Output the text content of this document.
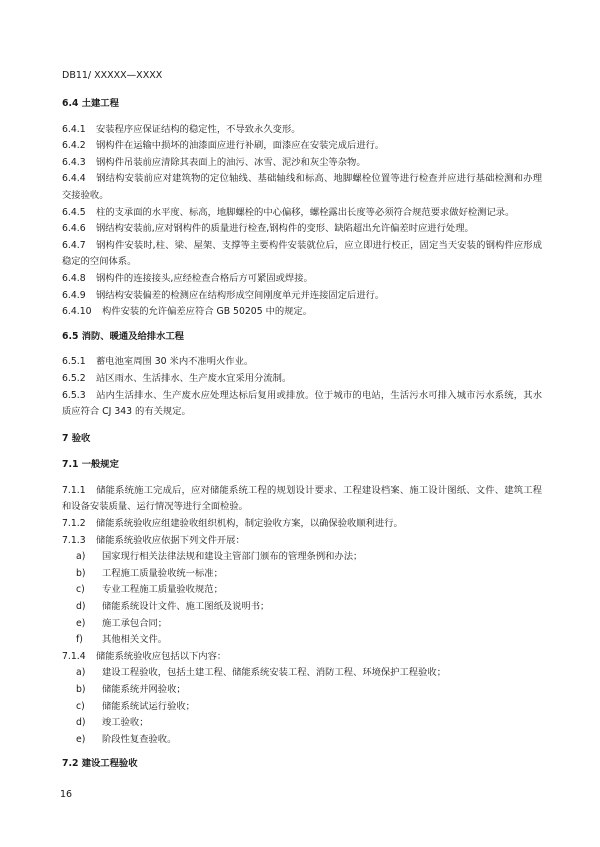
DB11/ XXXXX—XXXX

6.4 土建工程

6.4.1 安装程序应保证结构的稳定性，不导致永久变形。

6.4.2 钢构件在运输中损坏的油漆面应进行补刷，面漆应在安装完成后进行。

6.4.3 钢构件吊装前应清除其表面上的油污、冰雪、泥沙和灰尘等杂物。

6.4.4 钢结构安装前应对建筑物的定位轴线、基础轴线和标高、地脚螺栓位置等进行检查并应进行基础检测和办理交接验收。

6.4.5 柱的支承面的水平度、标高，地脚螺栓的中心偏移，螺栓露出长度等必须符合规范要求做好检测记录。

6.4.6 钢结构安装前,应对钢构件的质量进行检查,钢构件的变形、缺陷超出允许偏差时应进行处理。

6.4.7 钢构件安装时,柱、梁、屋架、支撑等主要构件安装就位后，应立即进行校正，固定当天安装的钢构件应形成稳定的空间体系。

6.4.8 钢构件的连接接头,应经检查合格后方可紧固或焊接。

6.4.9 钢结构安装偏差的检测应在结构形成空间刚度单元并连接固定后进行。

6.4.10 构件安装的允许偏差应符合 GB 50205 中的规定。

6.5 消防、暖通及给排水工程

6.5.1 蓄电池室周围 30 米内不准明火作业。

6.5.2 站区雨水、生活排水、生产废水宜采用分流制。

6.5.3 站内生活排水、生产废水应处理达标后复用或排放。位于城市的电站，生活污水可排入城市污水系统，其水质应符合 CJ 343 的有关规定。

7 验收

7.1 一般规定

7.1.1 储能系统施工完成后，应对储能系统工程的规划设计要求、工程建设档案、施工设计图纸、文件、建筑工程和设备安装质量、运行情况等进行全面检验。

7.1.2 储能系统验收应组建验收组织机构，制定验收方案，以确保验收顺利进行。

7.1.3 储能系统验收应依据下列文件开展：

a) 国家现行相关法律法规和建设主管部门颁布的管理条例和办法；

b) 工程施工质量验收统一标准；

c) 专业工程施工质量验收规范；

d) 储能系统设计文件、施工图纸及说明书；

e) 施工承包合同；

f) 其他相关文件。

7.1.4 储能系统验收应包括以下内容：

a) 建设工程验收，包括土建工程、储能系统安装工程、消防工程、环境保护工程验收；

b) 储能系统并网验收；

c) 储能系统试运行验收；

d) 竣工验收；

e) 阶段性复查验收。

7.2 建设工程验收

16
